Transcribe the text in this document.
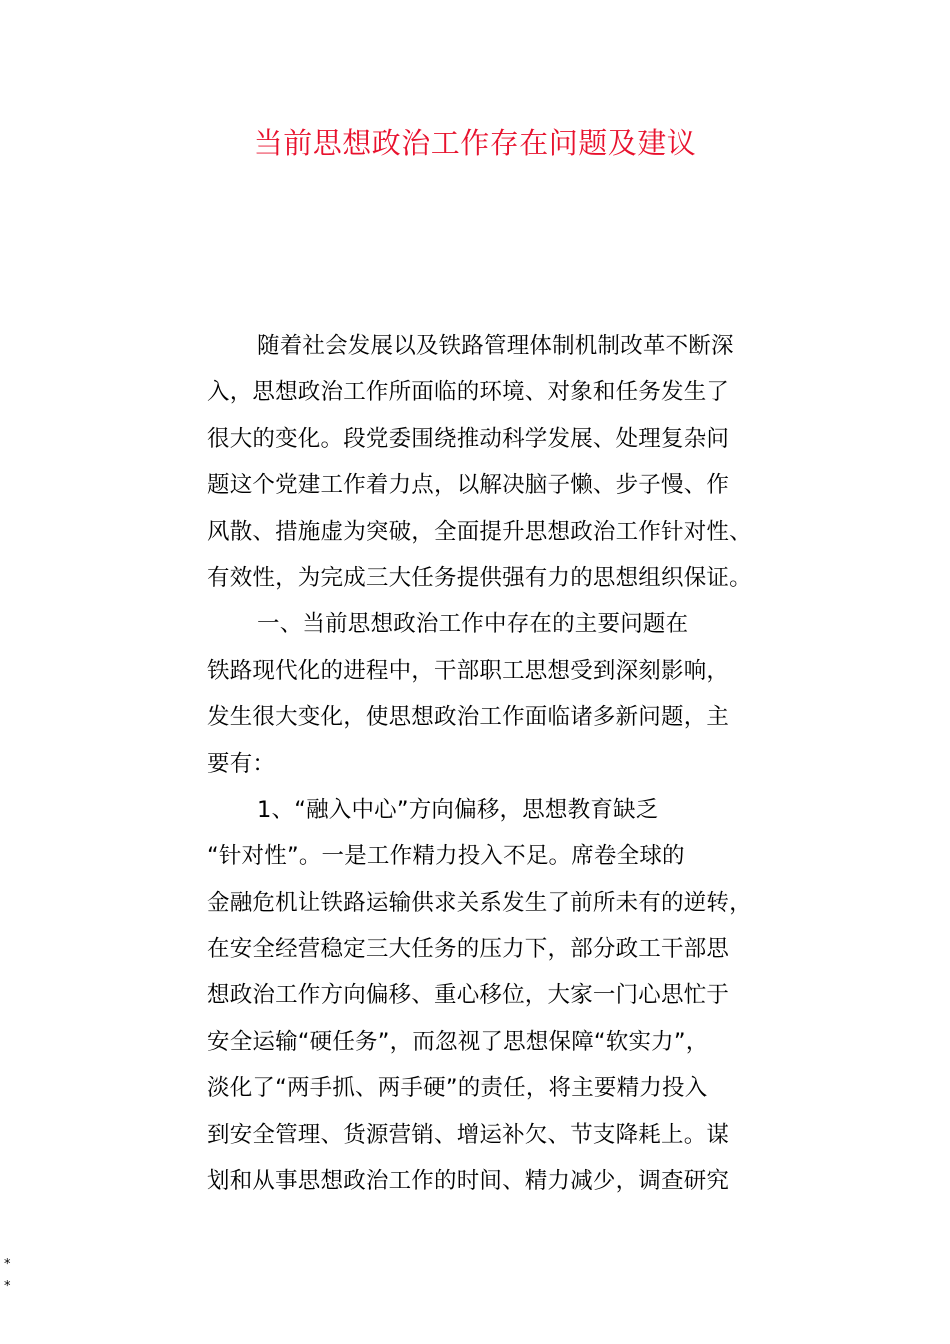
当前思想政治工作存在问题及建议
随着社会发展以及铁路管理体制机制改革不断深
入，思想政治工作所面临的环境、对象和任务发生了
很大的变化。段党委围绕推动科学发展、处理复杂问
题这个党建工作着力点，以解决脑子懒、步子慢、作
风散、措施虚为突破，全面提升思想政治工作针对性、
有效性，为完成三大任务提供强有力的思想组织保证。
一、当前思想政治工作中存在的主要问题在
铁路现代化的进程中，干部职工思想受到深刻影响，
发生很大变化，使思想政治工作面临诸多新问题，主
要有：
1、“融入中心”方向偏移，思想教育缺乏
“针对性”。一是工作精力投入不足。席卷全球的
金融危机让铁路运输供求关系发生了前所未有的逆转，
在安全经营稳定三大任务的压力下，部分政工干部思
想政治工作方向偏移、重心移位，大家一门心思忙于
安全运输“硬任务”，而忽视了思想保障“软实力”，
淡化了“两手抓、两手硬”的责任，将主要精力投入
到安全管理、货源营销、增运补欠、节支降耗上。谋
划和从事思想政治工作的时间、精力减少，调查研究
*
*
